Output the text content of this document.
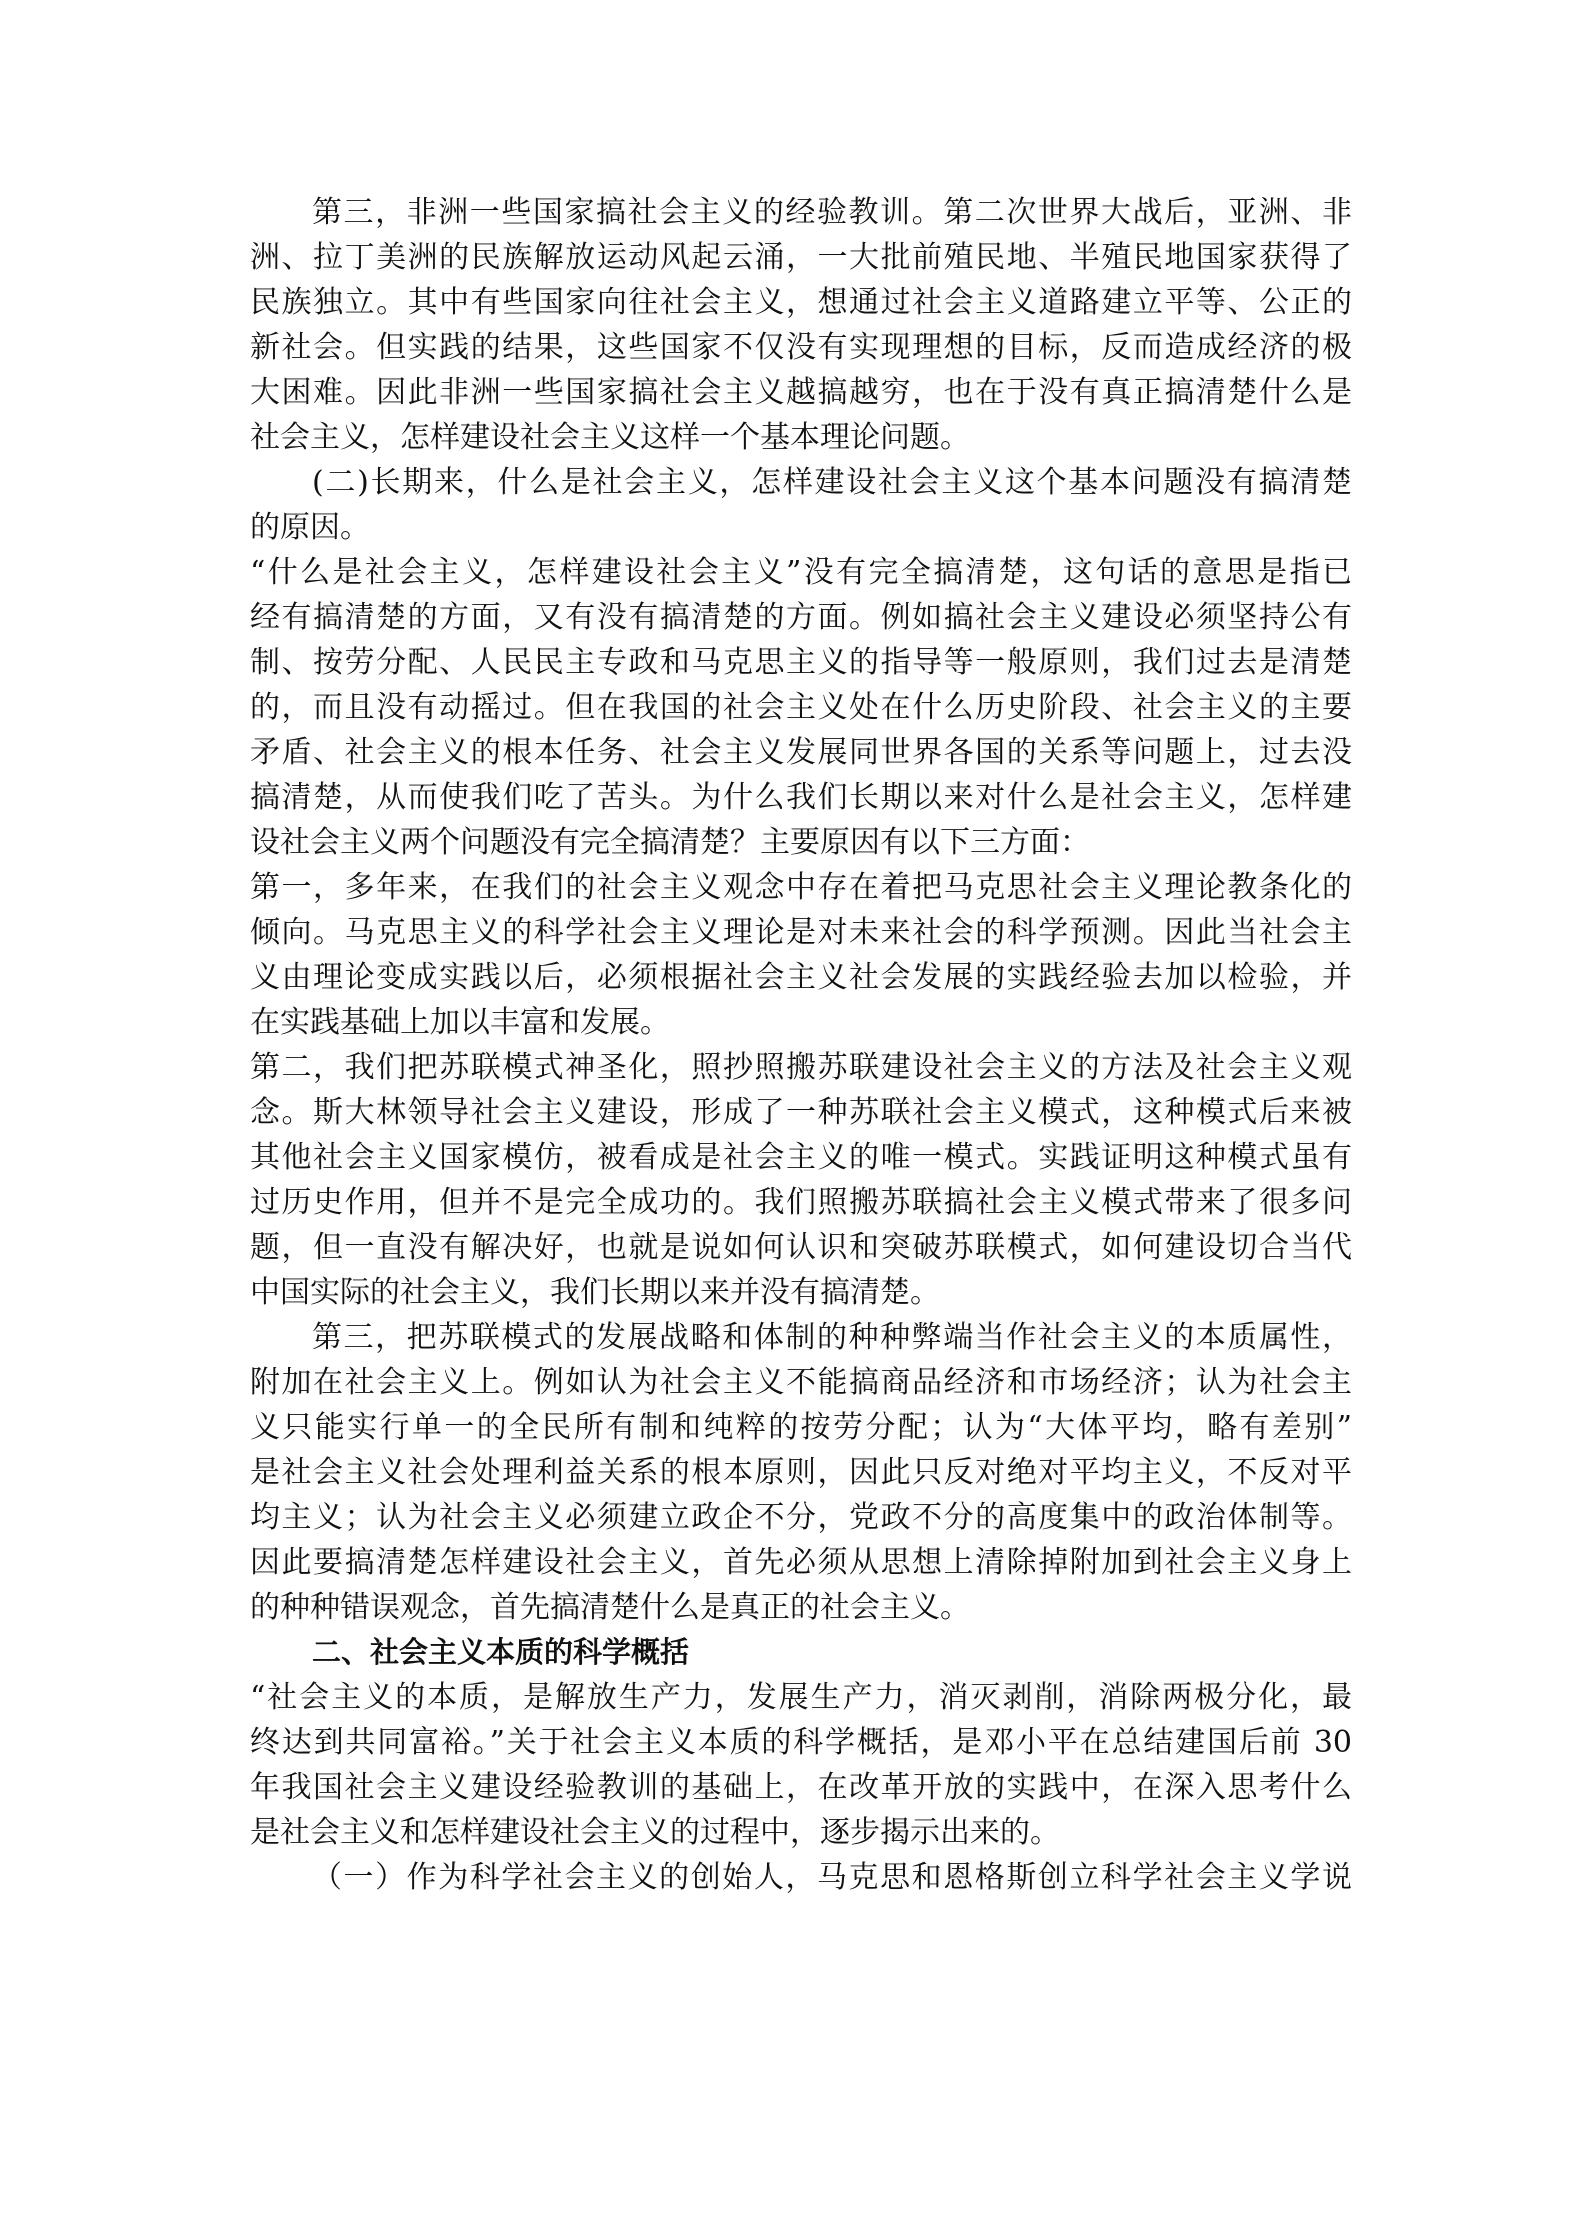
第三，非洲一些国家搞社会主义的经验教训。第二次世界大战后，亚洲、非
洲、拉丁美洲的民族解放运动风起云涌，一大批前殖民地、半殖民地国家获得了
民族独立。其中有些国家向往社会主义，想通过社会主义道路建立平等、公正的
新社会。但实践的结果，这些国家不仅没有实现理想的目标，反而造成经济的极
大困难。因此非洲一些国家搞社会主义越搞越穷，也在于没有真正搞清楚什么是
社会主义，怎样建设社会主义这样一个基本理论问题。
(二)长期来，什么是社会主义，怎样建设社会主义这个基本问题没有搞清楚
的原因。
“什么是社会主义，怎样建设社会主义”没有完全搞清楚，这句话的意思是指已
经有搞清楚的方面，又有没有搞清楚的方面。例如搞社会主义建设必须坚持公有
制、按劳分配、人民民主专政和马克思主义的指导等一般原则，我们过去是清楚
的，而且没有动摇过。但在我国的社会主义处在什么历史阶段、社会主义的主要
矛盾、社会主义的根本任务、社会主义发展同世界各国的关系等问题上，过去没
搞清楚，从而使我们吃了苦头。为什么我们长期以来对什么是社会主义，怎样建
设社会主义两个问题没有完全搞清楚？主要原因有以下三方面：
第一，多年来，在我们的社会主义观念中存在着把马克思社会主义理论教条化的
倾向。马克思主义的科学社会主义理论是对未来社会的科学预测。因此当社会主
义由理论变成实践以后，必须根据社会主义社会发展的实践经验去加以检验，并
在实践基础上加以丰富和发展。
第二，我们把苏联模式神圣化，照抄照搬苏联建设社会主义的方法及社会主义观
念。斯大林领导社会主义建设，形成了一种苏联社会主义模式，这种模式后来被
其他社会主义国家模仿，被看成是社会主义的唯一模式。实践证明这种模式虽有
过历史作用，但并不是完全成功的。我们照搬苏联搞社会主义模式带来了很多问
题，但一直没有解决好，也就是说如何认识和突破苏联模式，如何建设切合当代
中国实际的社会主义，我们长期以来并没有搞清楚。
第三，把苏联模式的发展战略和体制的种种弊端当作社会主义的本质属性，
附加在社会主义上。例如认为社会主义不能搞商品经济和市场经济；认为社会主
义只能实行单一的全民所有制和纯粹的按劳分配；认为“大体平均，略有差别”
是社会主义社会处理利益关系的根本原则，因此只反对绝对平均主义，不反对平
均主义；认为社会主义必须建立政企不分，党政不分的高度集中的政治体制等。
因此要搞清楚怎样建设社会主义，首先必须从思想上清除掉附加到社会主义身上
的种种错误观念，首先搞清楚什么是真正的社会主义。
二、社会主义本质的科学概括
“社会主义的本质，是解放生产力，发展生产力，消灭剥削，消除两极分化，最
终达到共同富裕。”关于社会主义本质的科学概括，是邓小平在总结建国后前 30
年我国社会主义建设经验教训的基础上，在改革开放的实践中，在深入思考什么
是社会主义和怎样建设社会主义的过程中，逐步揭示出来的。
（一）作为科学社会主义的创始人，马克思和恩格斯创立科学社会主义学说
